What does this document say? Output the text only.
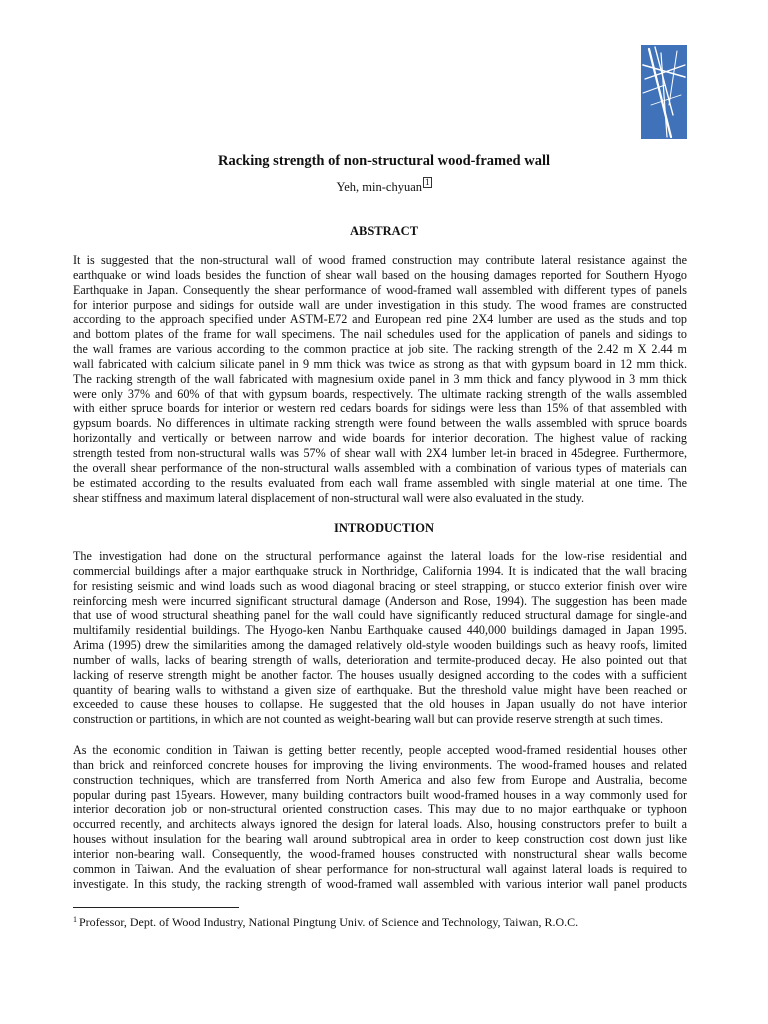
Racking strength of non-structural wood-framed wall
Yeh, min-chyuan $^1$
ABSTRACT
It is suggested that the non-structural wall of wood framed construction may contribute lateral resistance against the
earthquake or wind loads besides the function of shear wall based on the housing damages reported for Southern Hyogo
Earthquake in Japan. Consequently the shear performance of wood-framed wall assembled with different types of panels
for interior purpose and sidings for outside wall are under investigation in this study. The wood frames are constructed
according to the approach specified under ASTM-E72 and European red pine 2X4 lumber are used as the studs and top
and bottom plates of the frame for wall specimens. The nail schedules used for the application of panels and sidings to
the wall frames are various according to the common practice at job site. The racking strength of the 2.42 m X 2.44 m
wall fabricated with calcium silicate panel in 9 mm thick was twice as strong as that with gypsum board in 12 mm thick.
The racking strength of the wall fabricated with magnesium oxide panel in 3 mm thick and fancy plywood in 3 mm thick
were only 37% and 60% of that with gypsum boards, respectively. The ultimate racking strength of the walls assembled
with either spruce boards for interior or western red cedars boards for sidings were less than 15% of that assembled with
gypsum boards. No differences in ultimate racking strength were found between the walls assembled with spruce boards
horizontally and vertically or between narrow and wide boards for interior decoration. The highest value of racking
strength tested from non-structural walls was 57% of shear wall with 2X4 lumber let-in braced in 45degree. Furthermore,
the overall shear performance of the non-structural walls assembled with a combination of various types of materials can
be estimated according to the results evaluated from each wall frame assembled with single material at one time. The
shear stiffness and maximum lateral displacement of non-structural wall were also evaluated in the study.
INTRODUCTION
The investigation had done on the structural performance against the lateral loads for the low-rise residential and
commercial buildings after a major earthquake struck in Northridge, California 1994. It is indicated that the wall bracing
for resisting seismic and wind loads such as wood diagonal bracing or steel strapping, or stucco exterior finish over wire
reinforcing mesh were incurred significant structural damage (Anderson and Rose, 1994). The suggestion has been made
that use of wood structural sheathing panel for the wall could have significantly reduced structural damage for single-and
multifamily residential buildings. The Hyogo-ken Nanbu Earthquake caused 440,000 buildings damaged in Japan 1995.
Arima (1995) drew the similarities among the damaged relatively old-style wooden buildings such as heavy roofs, limited
number of walls, lacks of bearing strength of walls, deterioration and termite-produced decay. He also pointed out that
lacking of reserve strength might be another factor. The houses usually designed according to the codes with a sufficient
quantity of bearing walls to withstand a given size of earthquake. But the threshold value might have been reached or
exceeded to cause these houses to collapse. He suggested that the old houses in Japan usually do not have interior
construction or partitions, in which are not counted as weight-bearing wall but can provide reserve strength at such times.
As the economic condition in Taiwan is getting better recently, people accepted wood-framed residential houses other
than brick and reinforced concrete houses for improving the living environments. The wood-framed houses and related
construction techniques, which are transferred from North America and also few from Europe and Australia, become
popular during past 15years. However, many building contractors built wood-framed houses in a way commonly used for
interior decoration job or non-structural oriented construction cases. This may due to no major earthquake or typhoon
occurred recently, and architects always ignored the design for lateral loads. Also, housing constructors prefer to built a
houses without insulation for the bearing wall around subtropical area in order to keep construction cost down just like
interior non-bearing wall. Consequently, the wood-framed houses constructed with nonstructural shear walls become
common in Taiwan. And the evaluation of shear performance for non-structural wall against lateral loads is required to
investigate. In this study, the racking strength of wood-framed wall assembled with various interior wall panel products
$^1$ Professor, Dept. of Wood Industry, National Pingtung Univ. of Science and Technology, Taiwan, R.O.C.
